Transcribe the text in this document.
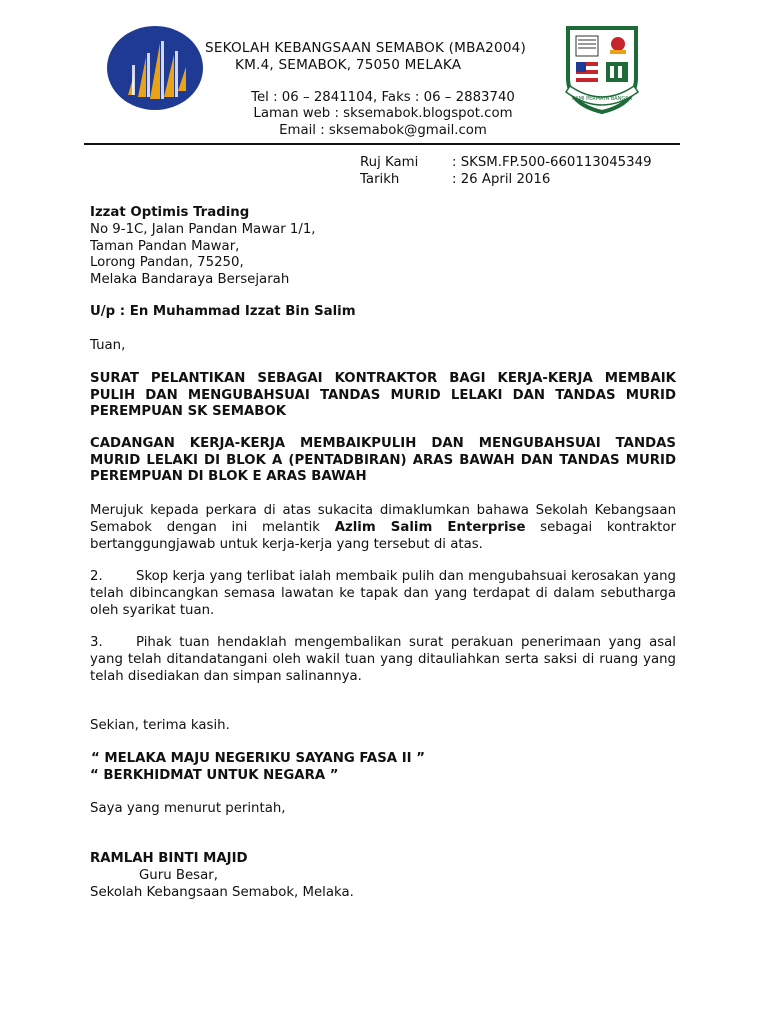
SEKOLAH KEBANGSAAN SEMABOK (MBA2004)
KM.4, SEMABOK, 75050 MELAKA
Tel : 06 – 2841104, Faks : 06 – 2883740
Laman web : sksemabok.blogspot.com
Email : sksemabok@gmail.com
KAMI PERMATA BANGSA
Ruj Kami	: SKSM.FP.500-660113045349
Tarikh	: 26 April 2016
Izzat Optimis Trading
No 9-1C, Jalan Pandan Mawar 1/1,
Taman Pandan Mawar,
Lorong Pandan, 75250,
Melaka Bandaraya Bersejarah
U/p : En Muhammad Izzat Bin Salim
Tuan,
SURAT PELANTIKAN SEBAGAI KONTRAKTOR BAGI KERJA-KERJA MEMBAIK PULIH DAN MENGUBAHSUAI TANDAS MURID LELAKI DAN TANDAS MURID PEREMPUAN SK SEMABOK
CADANGAN KERJA-KERJA MEMBAIKPULIH DAN MENGUBAHSUAI TANDAS MURID LELAKI DI BLOK A (PENTADBIRAN) ARAS BAWAH DAN TANDAS MURID PEREMPUAN DI BLOK E ARAS BAWAH
Merujuk kepada perkara di atas sukacita dimaklumkan bahawa Sekolah Kebangsaan Semabok dengan ini melantik Azlim Salim Enterprise sebagai kontraktor bertanggungjawab untuk kerja-kerja yang tersebut di atas.
2.	Skop kerja yang terlibat ialah membaik pulih dan mengubahsuai kerosakan yang telah dibincangkan semasa lawatan ke tapak dan yang terdapat di dalam sebutharga oleh syarikat tuan.
3.	Pihak tuan hendaklah mengembalikan surat perakuan penerimaan yang asal yang telah ditandatangani oleh wakil tuan yang ditauliahkan serta saksi di ruang yang telah disediakan dan simpan salinannya.
Sekian, terima kasih.
“ MELAKA MAJU NEGERIKU SAYANG FASA II ”
“ BERKHIDMAT UNTUK NEGARA ”
Saya yang menurut perintah,
RAMLAH BINTI MAJID
Guru Besar,
Sekolah Kebangsaan Semabok, Melaka.
